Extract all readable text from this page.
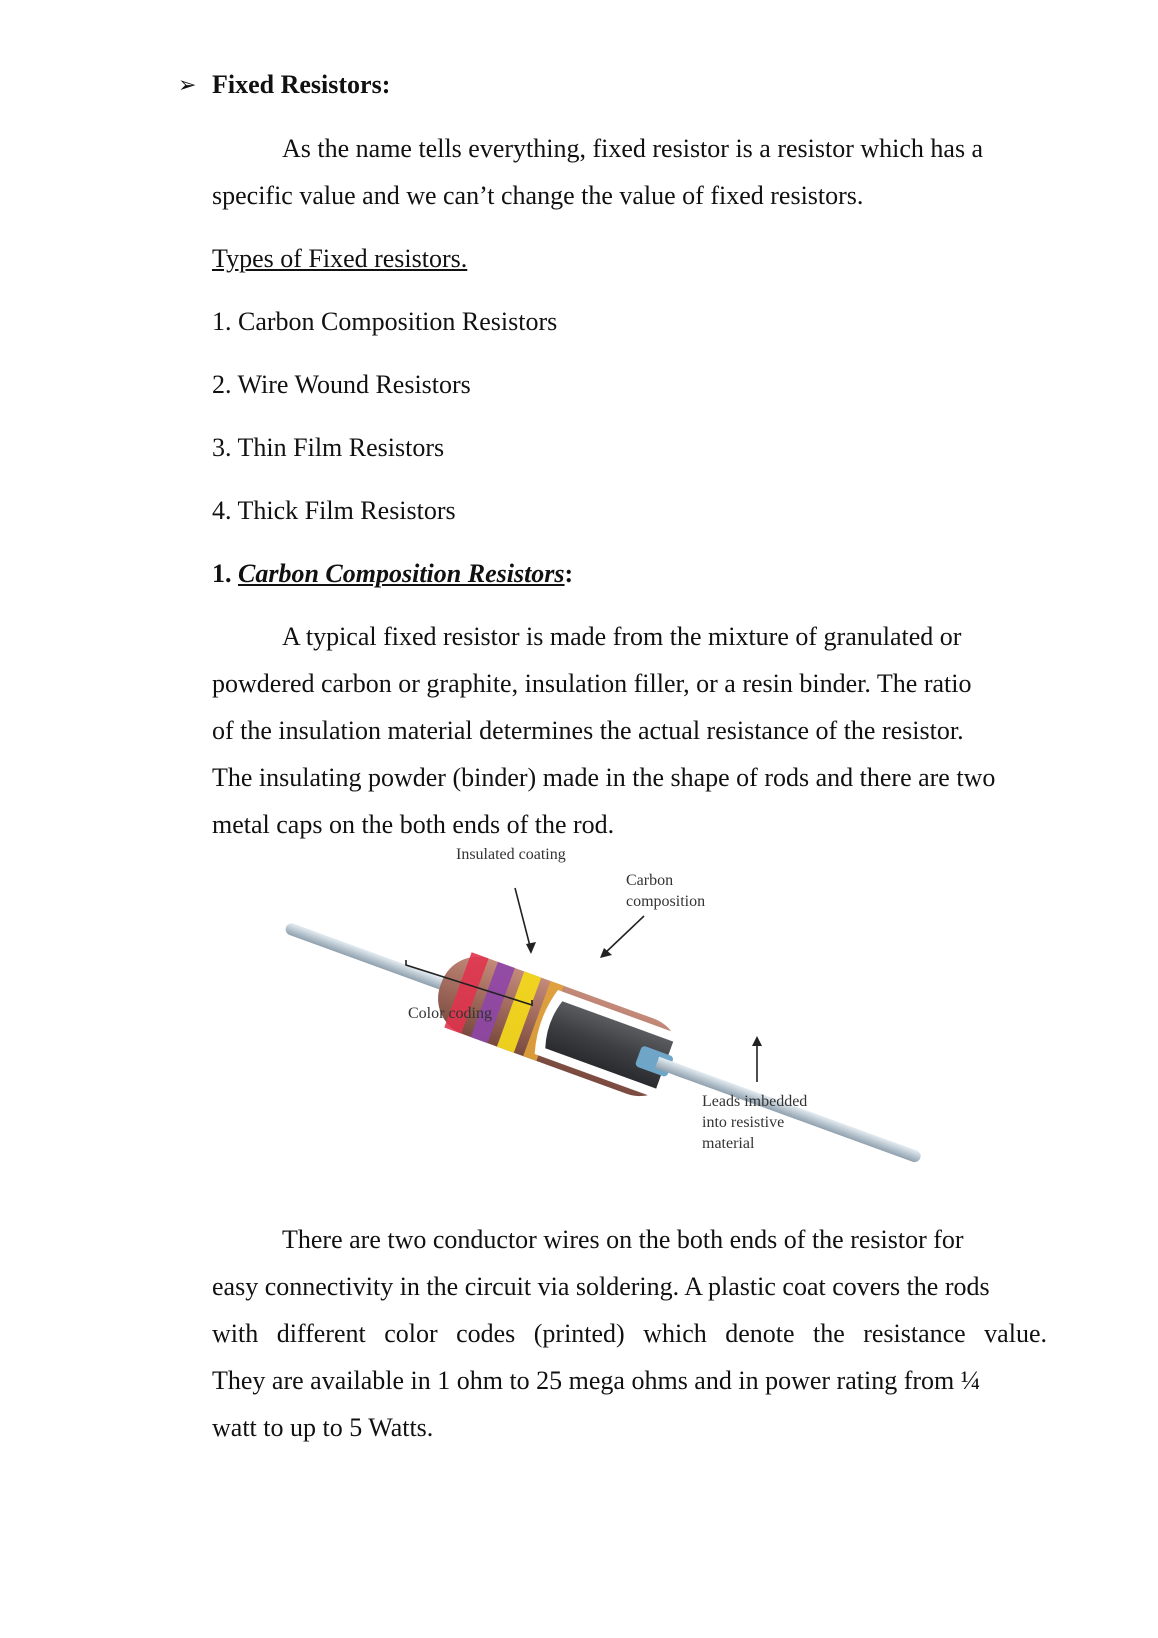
➢ Fixed Resistors:

As the name tells everything, fixed resistor is a resistor which has a
specific value and we can’t change the value of fixed resistors.

Types of Fixed resistors.

1. Carbon Composition Resistors

2. Wire Wound Resistors

3. Thin Film Resistors

4. Thick Film Resistors

1. Carbon Composition Resistors:

A typical fixed resistor is made from the mixture of granulated or
powdered carbon or graphite, insulation filler, or a resin binder. The ratio
of the insulation material determines the actual resistance of the resistor.
The insulating powder (binder) made in the shape of rods and there are two
metal caps on the both ends of the rod.
Insulated coating
Carbon
composition
Color coding
Leads imbedded
into resistive
material
There are two conductor wires on the both ends of the resistor for
easy connectivity in the circuit via soldering. A plastic coat covers the rods
with different color codes (printed) which denote the resistance value.
They are available in 1 ohm to 25 mega ohms and in power rating from ¼
watt to up to 5 Watts.
